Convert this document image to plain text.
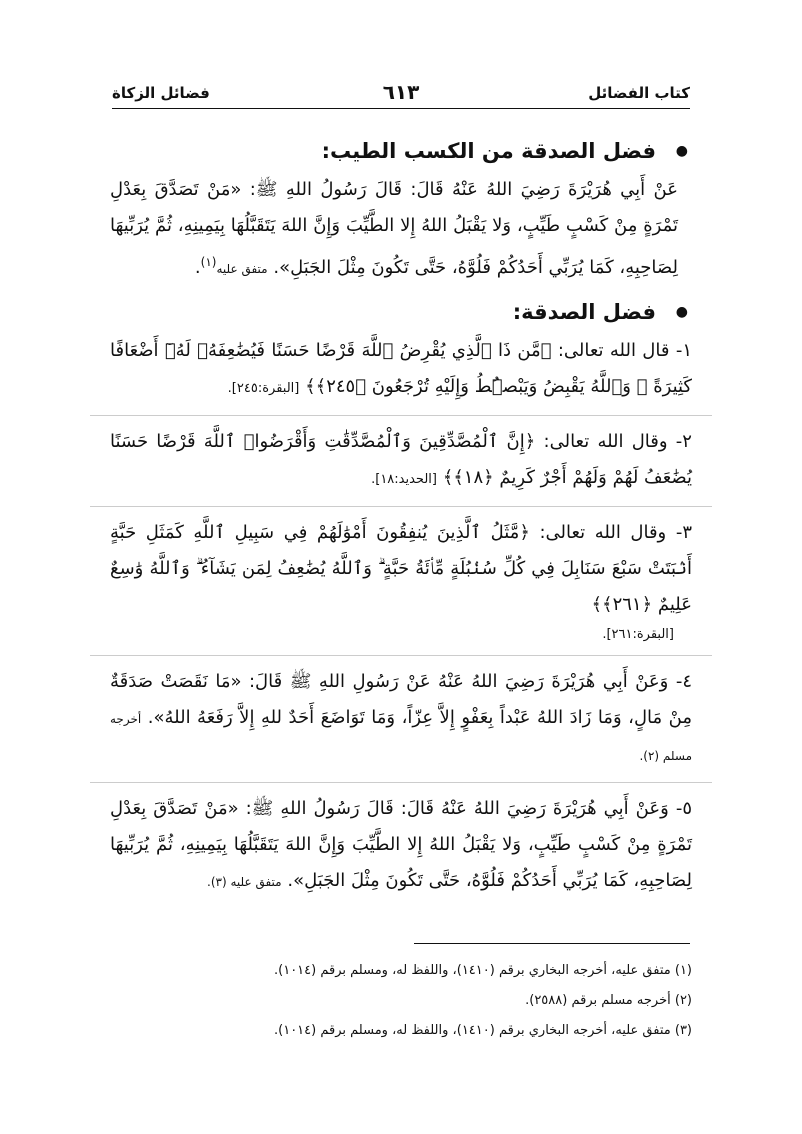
كتاب الفضائل
٦١٣
فضائل الزكاة
● فضل الصدقة من الكسب الطيب:

عَنْ أَبِي هُرَيْرَةَ رَضِيَ اللهُ عَنْهُ قَالَ: قَالَ رَسُولُ اللهِ ﷺ: «مَنْ تَصَدَّقَ بِعَدْلِ تَمْرَةٍ مِنْ كَسْبٍ طَيِّبٍ، وَلا يَقْبَلُ اللهُ إِلا الطَّيِّبَ وَإِنَّ اللهَ يَتَقَبَّلُهَا بِيَمِينِهِ، ثُمَّ يُرَبِّيهَا لِصَاحِبِهِ، كَمَا يُرَبِّي أَحَدُكُمْ فَلُوَّهُ، حَتَّى تَكُونَ مِثْلَ الجَبَلِ». متفق عليه$^{(١)}$.

● فضل الصدقة:

١- قال الله تعالى: ﴿مَّن ذَا ٱلَّذِي يُقْرِضُ ٱللَّهَ قَرْضًا حَسَنًا فَيُضَٰعِفَهُۥ لَهُۥٓ أَضْعَافًا كَثِيرَةً ۚ وَٱللَّهُ يَقْبِضُ وَيَبْصُۜطُ وَإِلَيْهِ تُرْجَعُونَ ﴿٢٤٥﴾﴾ [البقرة:٢٤٥].

٢- وقال الله تعالى: ﴿إِنَّ ٱلْمُصَّدِّقِينَ وَٱلْمُصَّدِّقَٰتِ وَأَقْرَضُوا۟ ٱللَّهَ قَرْضًا حَسَنًا يُضَٰعَفُ لَهُمْ وَلَهُمْ أَجْرٌ كَرِيمٌ ﴿١٨﴾﴾ [الحديد:١٨].

٣- وقال الله تعالى: ﴿مَّثَلُ ٱلَّذِينَ يُنفِقُونَ أَمْوَٰلَهُمْ فِي سَبِيلِ ٱللَّهِ كَمَثَلِ حَبَّةٍ أَنۢبَتَتْ سَبْعَ سَنَابِلَ فِي كُلِّ سُنۢبُلَةٍ مِّا۟ئَةُ حَبَّةٍ ۗ وَٱللَّهُ يُضَٰعِفُ لِمَن يَشَآءُ ۗ وَٱللَّهُ وَٰسِعٌ عَلِيمٌ ﴿٢٦١﴾﴾

[البقرة:٢٦١].

٤- وَعَنْ أَبِي هُرَيْرَةَ رَضِيَ اللهُ عَنْهُ عَنْ رَسُولِ اللهِ ﷺ قَالَ: «مَا نَقَصَتْ صَدَقَةٌ مِنْ مَالٍ، وَمَا زَادَ اللهُ عَبْداً بِعَفْوٍ إِلاَّ عِزّاً، وَمَا تَوَاضَعَ أَحَدٌ للهِ إِلاَّ رَفَعَهُ اللهُ». أخرجه مسلم (٢).

٥- وَعَنْ أَبِي هُرَيْرَةَ رَضِيَ اللهُ عَنْهُ قَالَ: قَالَ رَسُولُ اللهِ ﷺ: «مَنْ تَصَدَّقَ بِعَدْلِ تَمْرَةٍ مِنْ كَسْبٍ طَيِّبٍ، وَلا يَقْبَلُ اللهُ إِلا الطَّيِّبَ وَإِنَّ اللهَ يَتَقَبَّلُهَا بِيَمِينِهِ، ثُمَّ يُرَبِّيهَا لِصَاحِبِهِ، كَمَا يُرَبِّي أَحَدُكُمْ فَلُوَّهُ، حَتَّى تَكُونَ مِثْلَ الجَبَلِ». متفق عليه (٣).

(١) متفق عليه، أخرجه البخاري برقم (١٤١٠)، واللفظ له، ومسلم برقم (١٠١٤).
(٢) أخرجه مسلم برقم (٢٥٨٨).
(٣) متفق عليه، أخرجه البخاري برقم (١٤١٠)، واللفظ له، ومسلم برقم (١٠١٤).
